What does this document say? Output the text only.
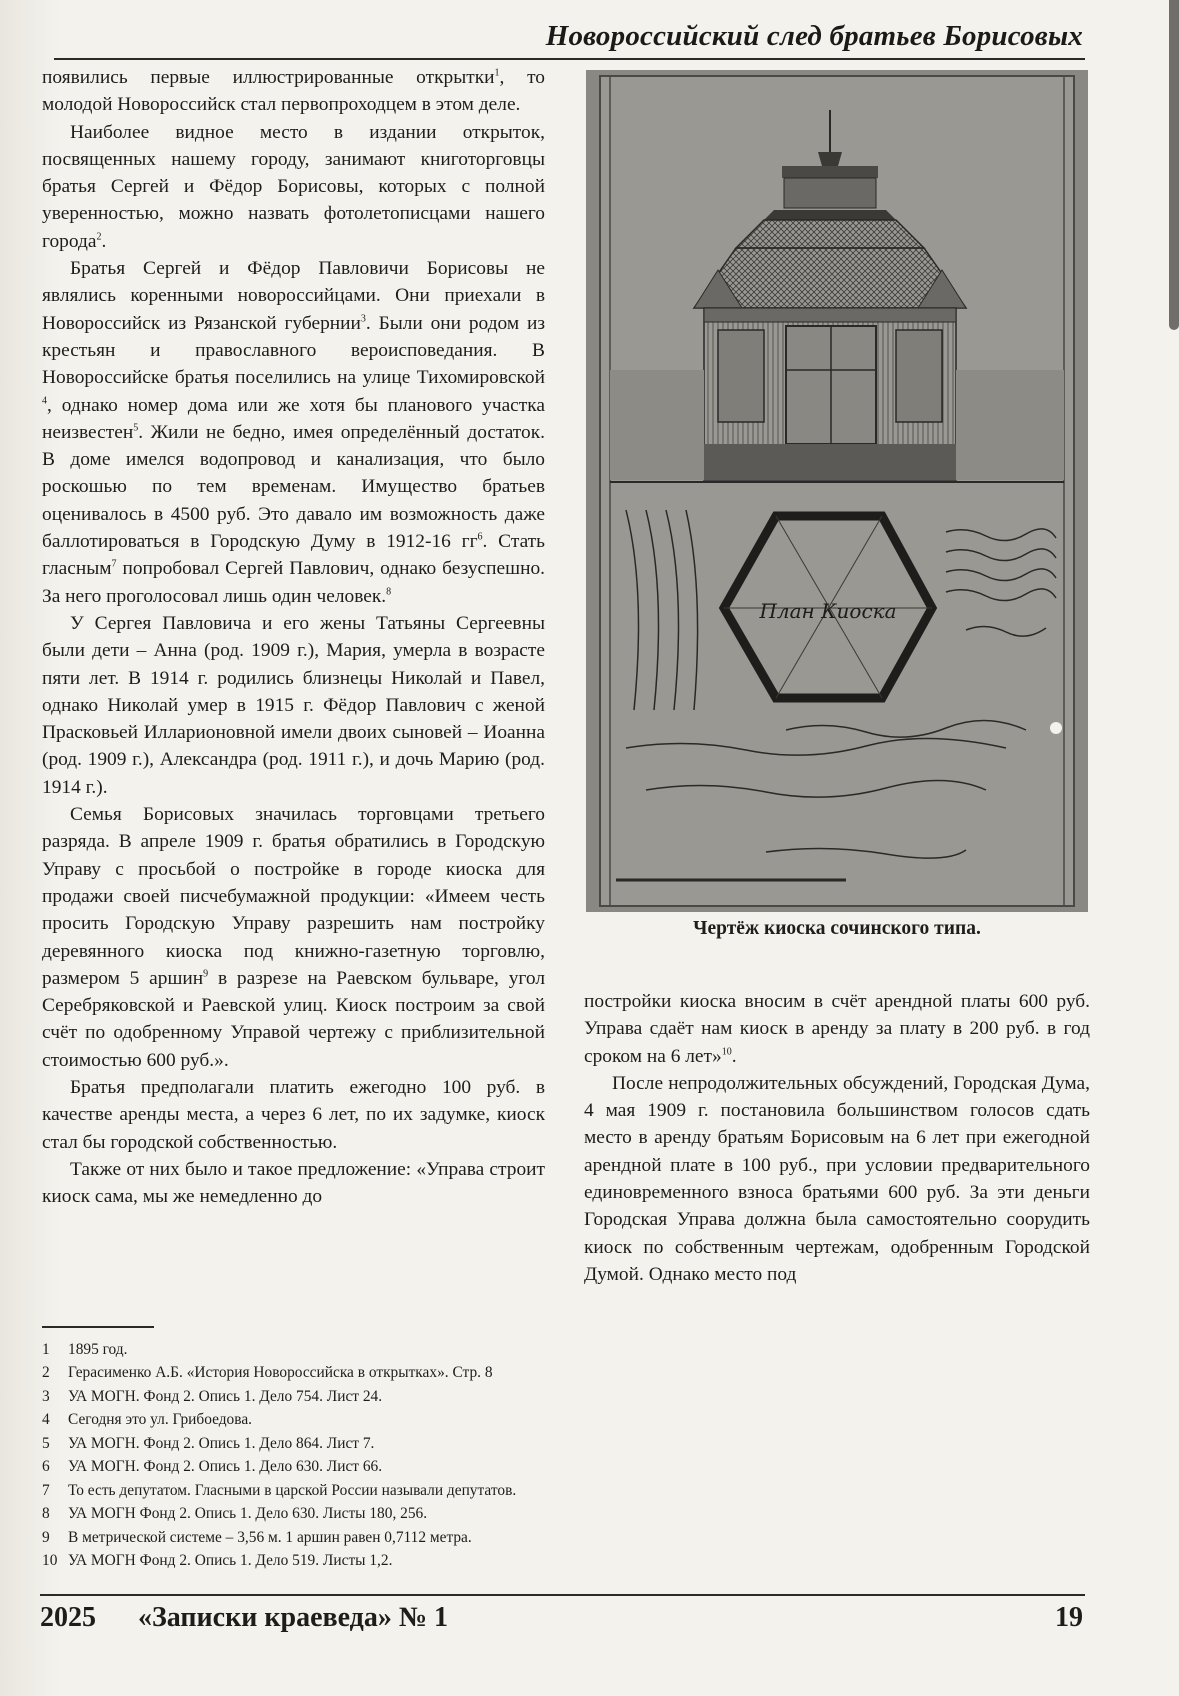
Новороссийский след братьев Борисовых

появились первые иллюстрированные открытки$^1$, то молодой Новороссийск стал первопроходцем в этом деле.

Наиболее видное место в издании открыток, посвященных нашему городу, занимают книготорговцы братья Сергей и Фёдор Борисовы, которых с полной уверенностью, можно назвать фотолетописцами нашего города$^2$.

Братья Сергей и Фёдор Павловичи Борисовы не являлись коренными новороссийцами. Они приехали в Новороссийск из Рязанской губернии$^3$. Были они родом из крестьян и православного вероисповедания. В Новороссийске братья поселились на улице Тихомировской $^4$, однако номер дома или же хотя бы планового участка неизвестен$^5$. Жили не бедно, имея определённый достаток. В доме имелся водопровод и канализация, что было роскошью по тем временам. Имущество братьев оценивалось в 4500 руб. Это давало им возможность даже баллотироваться в Городскую Думу в 1912-16 $гг^6$. Стать гласным$^7$ попробовал Сергей Павлович, однако безуспешно. За него проголосовал лишь один человек.$^8$

У Сергея Павловича и его жены Татьяны Сергеевны были дети – Анна (род. 1909 г.), Мария, умерла в возрасте пяти лет. В 1914 г. родились близнецы Николай и Павел, однако Николай умер в 1915 г. Фёдор Павлович с женой Прасковьей Илларионовной имели двоих сыновей – Иоанна (род. 1909 г.), Александра (род. 1911 г.), и дочь Марию (род. 1914 г.).

Семья Борисовых значилась торговцами третьего разряда. В апреле 1909 г. братья обратились в Городскую Управу с просьбой о постройке в городе киоска для продажи своей писчебумажной продукции: «Имеем честь просить Городскую Управу разрешить нам постройку деревянного киоска под книжно-газетную торговлю, размером 5 аршин$^9$ в разрезе на Раевском бульваре, угол Серебряковской и Раевской улиц. Киоск построим за свой счёт по одобренному Управой чертежу с приблизительной стоимостью 600 руб.».

Братья предполагали платить ежегодно 100 руб. в качестве аренды места, а через 6 лет, по их задумке, киоск стал бы городской собственностью.

Также от них было и такое предложение: «Управа строит киоск сама, мы же немедленно до

План Киоска
Чертёж киоска сочинского типа.

постройки киоска вносим в счёт арендной платы 600 руб. Управа сдаёт нам киоск в аренду за плату в 200 руб. в год сроком на 6 лет»$^{10}$.

После непродолжительных обсуждений, Городская Дума, 4 мая 1909 г. постановила большинством голосов сдать место в аренду братьям Борисовым на 6 лет при ежегодной арендной плате в 100 руб., при условии предварительного единовременного взноса братьями 600 руб. За эти деньги Городская Управа должна была самостоятельно соорудить киоск по собственным чертежам, одобренным Городской Думой. Однако место под

1	1895 год.
2	Герасименко А.Б. «История Новороссийска в открытках». Стр. 8
3	УА МОГН. Фонд 2. Опись 1. Дело 754. Лист 24.
4	Сегодня это ул. Грибоедова.
5	УА МОГН. Фонд 2. Опись 1. Дело 864. Лист 7.
6	УА МОГН. Фонд 2. Опись 1. Дело 630. Лист 66.
7	То есть депутатом. Гласными в царской России называли депутатов.
8	УА МОГН Фонд 2. Опись 1. Дело 630. Листы 180, 256.
9	В метрической системе – 3,56 м. 1 аршин равен 0,7112 метра.
10 УА МОГН Фонд 2. Опись 1. Дело 519. Листы 1,2.
2025 «Записки краеведа» № 1	19
